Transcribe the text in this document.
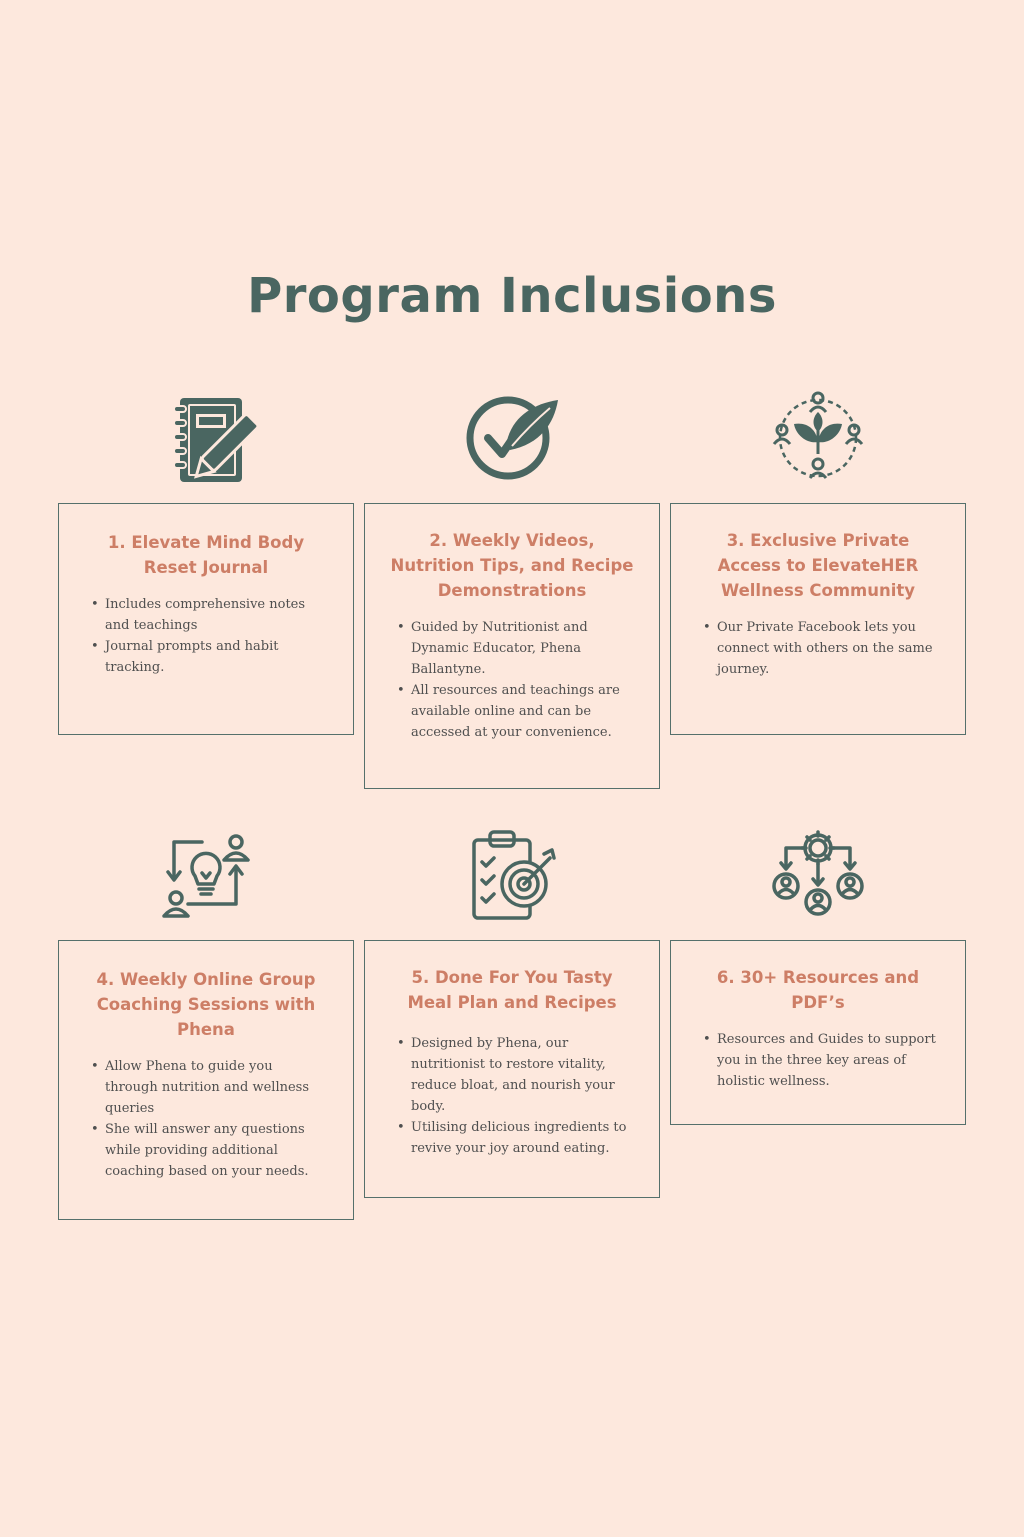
Program Inclusions
1. Elevate Mind Body Reset Journal
• Includes comprehensive notes and teachings
• Journal prompts and habit tracking.
2. Weekly Videos, Nutrition Tips, and Recipe Demonstrations
• Guided by Nutritionist and Dynamic Educator, Phena Ballantyne.
• All resources and teachings are available online and can be accessed at your convenience.
3. Exclusive Private Access to ElevateHER Wellness Community
• Our Private Facebook lets you connect with others on the same journey.
4. Weekly Online Group Coaching Sessions with Phena
• Allow Phena to guide you through nutrition and wellness queries
• She will answer any questions while providing additional coaching based on your needs.
5. Done For You Tasty Meal Plan and Recipes
• Designed by Phena, our nutritionist to restore vitality, reduce bloat, and nourish your body.
• Utilising delicious ingredients to revive your joy around eating.
6. 30+ Resources and PDF’s
• Resources and Guides to support you in the three key areas of holistic wellness.
